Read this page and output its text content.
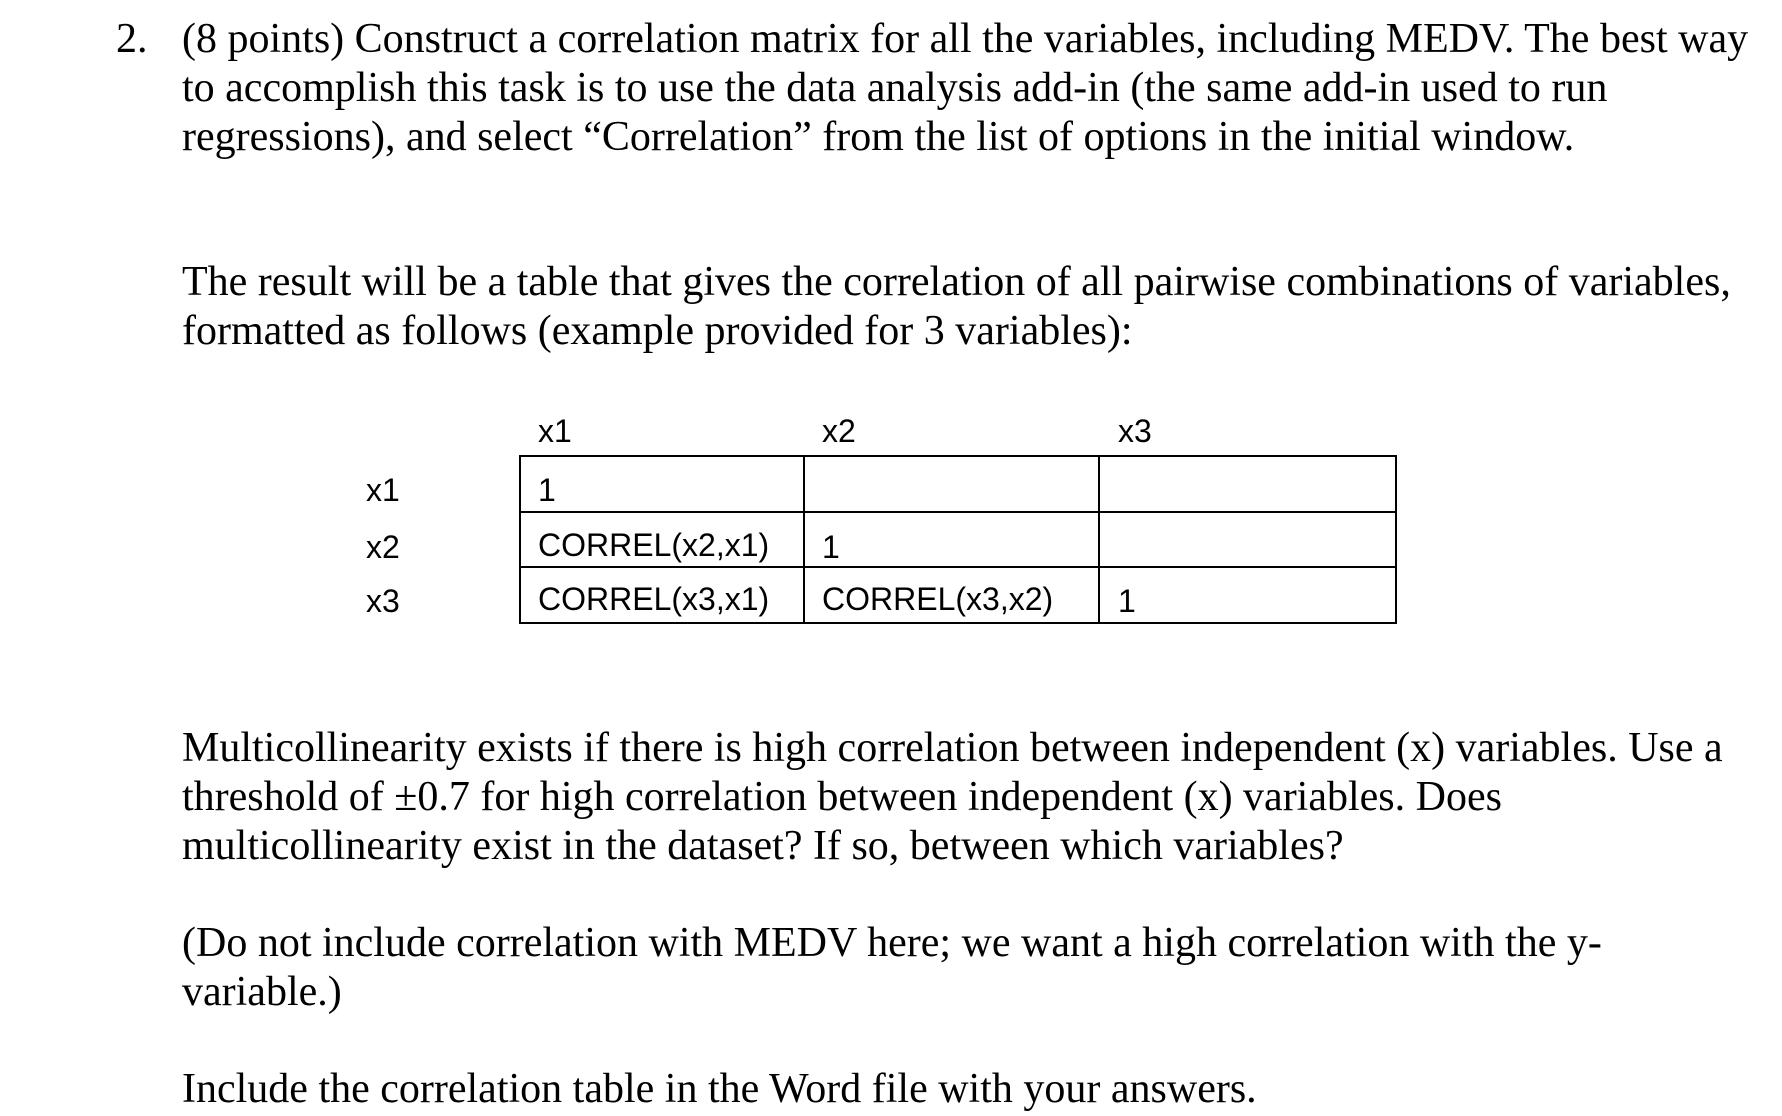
2. (8 points) Construct a correlation matrix for all the variables, including MEDV. The best way to accomplish this task is to use the data analysis add-in (the same add-in used to run regressions), and select “Correlation” from the list of options in the initial window.

The result will be a table that gives the correlation of all pairwise combinations of variables, formatted as follows (example provided for 3 variables):

x1	x2	x3
x1
x2
x3
1
CORREL(x2,x1) 1
CORREL(x3,x1) CORREL(x3,x2) 1

Multicollinearity exists if there is high correlation between independent (x) variables. Use a threshold of ±0.7 for high correlation between independent (x) variables. Does multicollinearity exist in the dataset? If so, between which variables?

(Do not include correlation with MEDV here; we want a high correlation with the y-variable.)

Include the correlation table in the Word file with your answers.
